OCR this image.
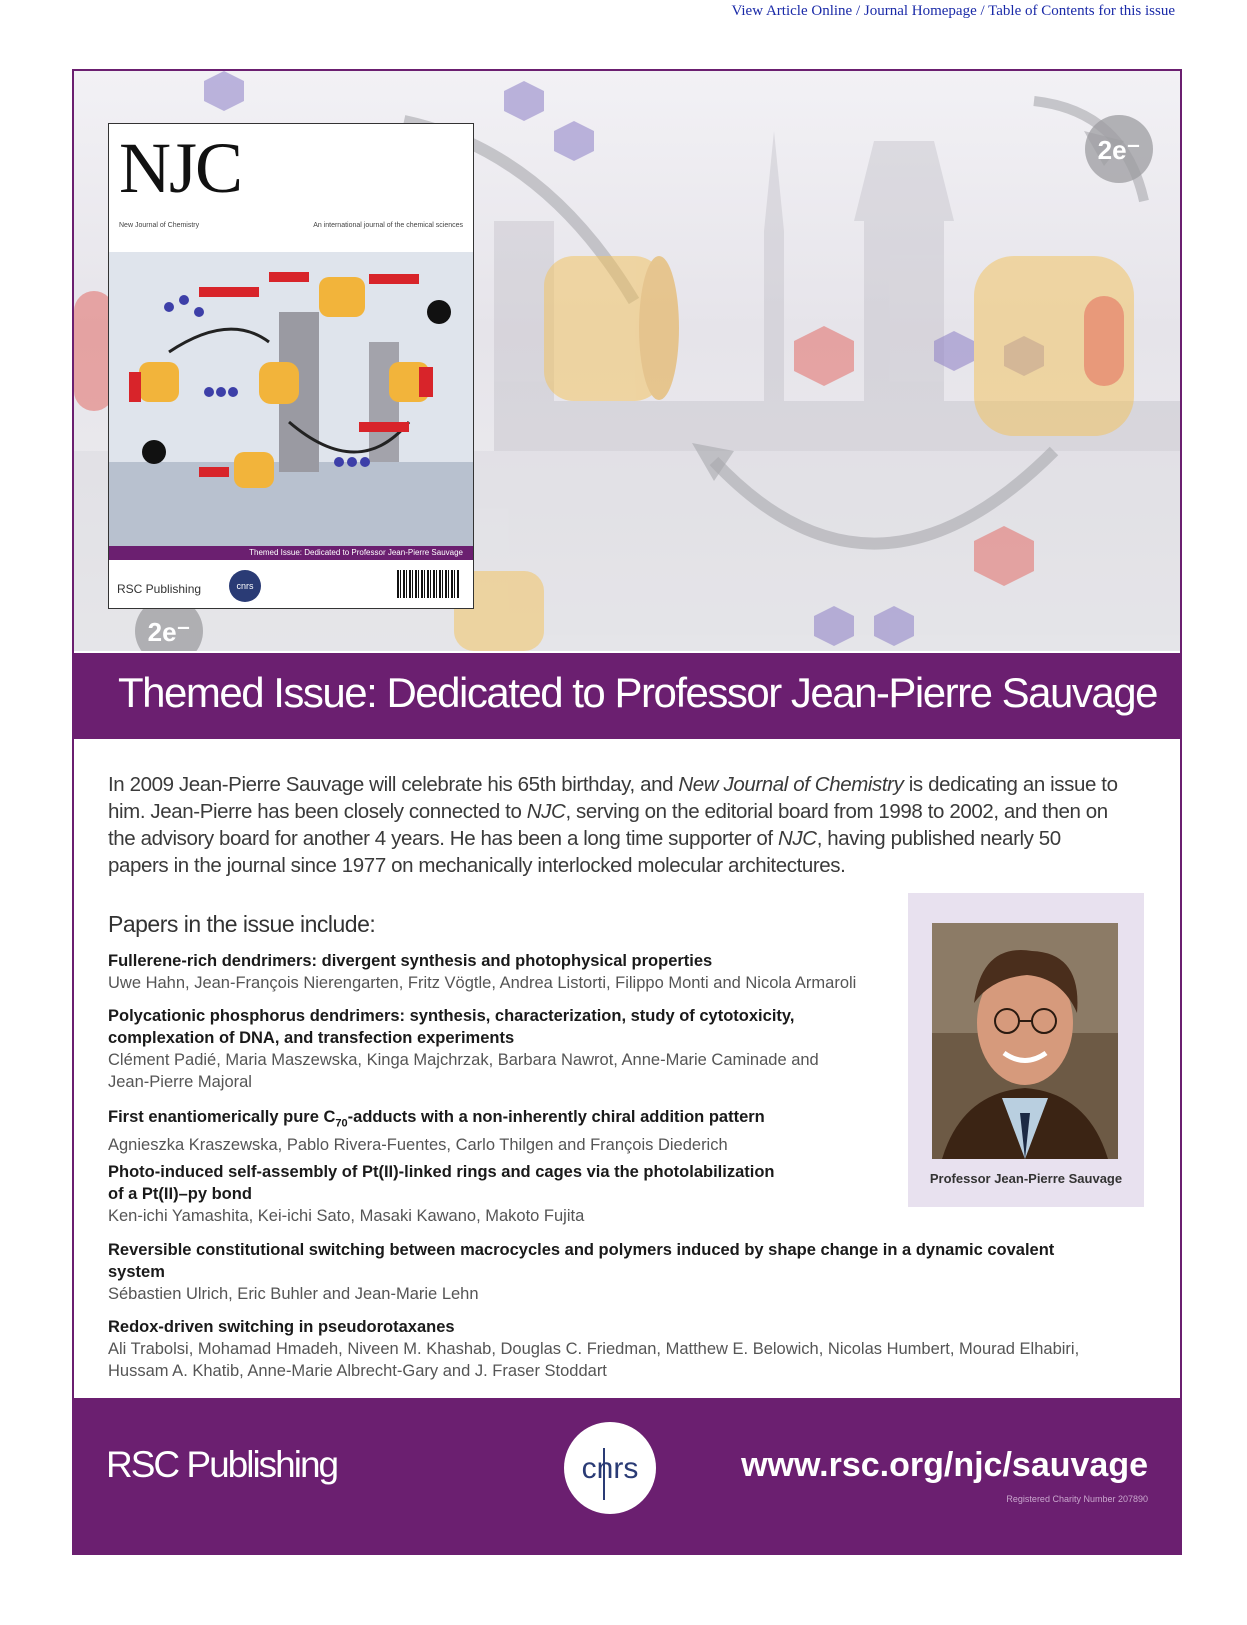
View Article Online / Journal Homepage / Table of Contents for this issue
2e⁻
2e⁻
NJC
New Journal of Chemistry	An international journal of the chemical sciences
Themed Issue: Dedicated to Professor Jean-Pierre Sauvage
RSC Publishing	cnrs
Themed Issue: Dedicated to Professor Jean-Pierre Sauvage
In 2009 Jean-Pierre Sauvage will celebrate his 65th birthday, and New Journal of Chemistry is dedicating an issue to him. Jean-Pierre has been closely connected to NJC, serving on the editorial board from 1998 to 2002, and then on the advisory board for another 4 years. He has been a long time supporter of NJC, having published nearly 50 papers in the journal since 1977 on mechanically interlocked molecular architectures.
Papers in the issue include:
Fullerene-rich dendrimers: divergent synthesis and photophysical properties
Uwe Hahn, Jean-François Nierengarten, Fritz Vögtle, Andrea Listorti, Filippo Monti and Nicola Armaroli
Polycationic phosphorus dendrimers: synthesis, characterization, study of cytotoxicity,
complexation of DNA, and transfection experiments
Clément Padié, Maria Maszewska, Kinga Majchrzak, Barbara Nawrot, Anne-Marie Caminade and
Jean-Pierre Majoral
First enantiomerically pure $C_{70}$-adducts with a non-inherently chiral addition pattern
Agnieszka Kraszewska, Pablo Rivera-Fuentes, Carlo Thilgen and François Diederich
Photo-induced self-assembly of Pt(II)-linked rings and cages via the photolabilization
of a Pt(II)–py bond
Ken-ichi Yamashita, Kei-ichi Sato, Masaki Kawano, Makoto Fujita
Reversible constitutional switching between macrocycles and polymers induced by shape change in a dynamic covalent
system
Sébastien Ulrich, Eric Buhler and Jean-Marie Lehn
Redox-driven switching in pseudorotaxanes
Ali Trabolsi, Mohamad Hmadeh, Niveen M. Khashab, Douglas C. Friedman, Matthew E. Belowich, Nicolas Humbert, Mourad Elhabiri,
Hussam A. Khatib, Anne-Marie Albrecht-Gary and J. Fraser Stoddart
Professor Jean-Pierre Sauvage
RSC Publishing	cnrs	www.rsc.org/njc/sauvage
Registered Charity Number 207890
